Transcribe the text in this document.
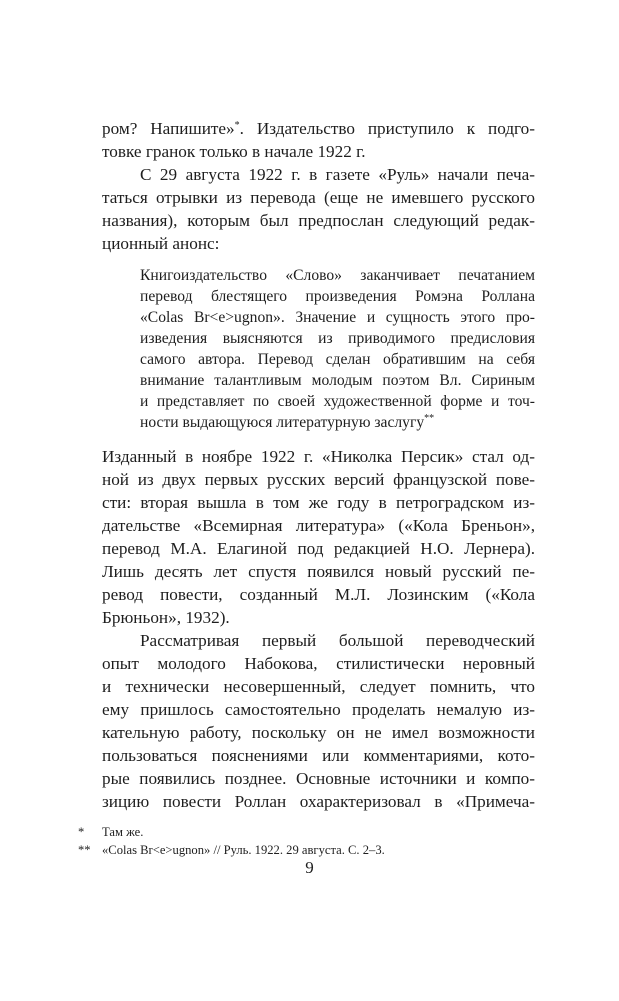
ром? Напишите»*. Издательство приступило к подго-
товке гранок только в начале 1922 г.
С 29 августа 1922 г. в газете «Руль» начали печа-
таться отрывки из перевода (еще не имевшего русского
названия), которым был предпослан следующий редак-
ционный анонс:
Книгоиздательство «Слово» заканчивает печатанием
перевод блестящего произведения Ромэна Роллана
«Colas Br<e>ugnon». Значение и сущность этого про-
изведения выясняются из приводимого предисловия
самого автора. Перевод сделан обратившим на себя
внимание талантливым молодым поэтом Вл. Сириным
и представляет по своей художественной форме и точ-
ности выдающуюся литературную заслугу**
Изданный в ноябре 1922 г. «Николка Персик» стал од-
ной из двух первых русских версий французской пове-
сти: вторая вышла в том же году в петроградском из-
дательстве «Всемирная литература» («Кола Бреньон»,
перевод М.А. Елагиной под редакцией Н.О. Лернера).
Лишь десять лет спустя появился новый русский пе-
ревод повести, созданный М.Л. Лозинским («Кола
Брюньон», 1932).
Рассматривая первый большой переводческий
опыт молодого Набокова, стилистически неровный
и технически несовершенный, следует помнить, что
ему пришлось самостоятельно проделать немалую из-
кательную работу, поскольку он не имел возможности
пользоваться пояснениями или комментариями, кото-
рые появились позднее. Основные источники и компо-
зицию повести Роллан охарактеризовал в «Примеча-
* Там же.
** «Colas Br<e>ugnon» // Руль. 1922. 29 августа. С. 2–3.
9
